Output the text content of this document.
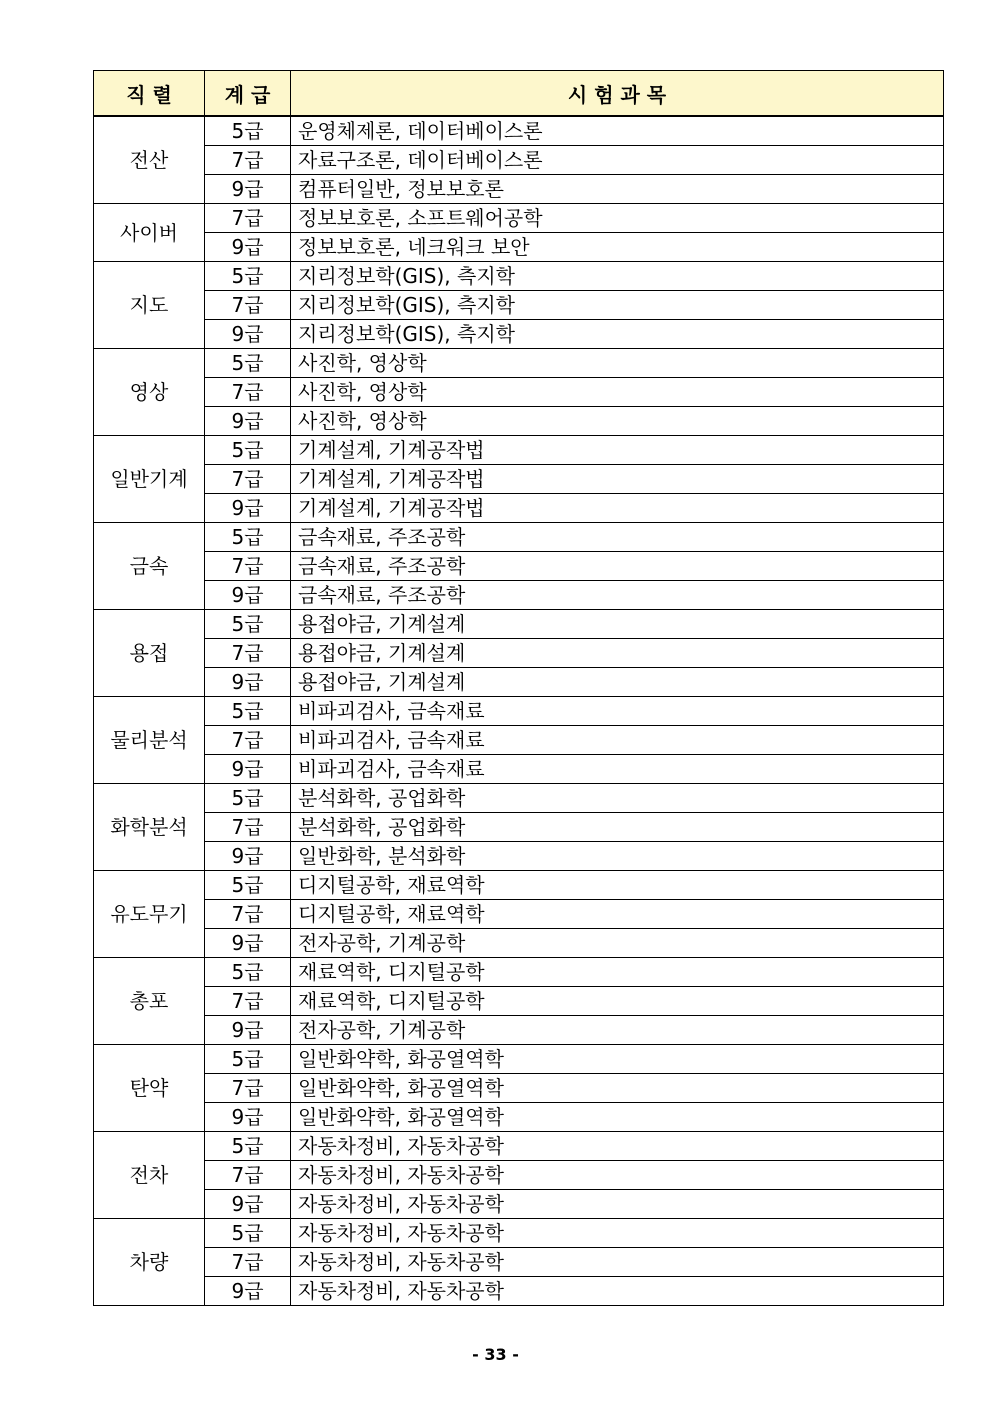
직 렬	계 급	시 험 과 목
전산	5급	운영체제론, 데이터베이스론
	7급	자료구조론, 데이터베이스론
	9급	컴퓨터일반, 정보보호론
사이버	7급	정보보호론, 소프트웨어공학
	9급	정보보호론, 네크워크 보안
지도	5급	지리정보학(GIS), 측지학
	7급	지리정보학(GIS), 측지학
	9급	지리정보학(GIS), 측지학
영상	5급	사진학, 영상학
	7급	사진학, 영상학
	9급	사진학, 영상학
일반기계	5급	기계설계, 기계공작법
	7급	기계설계, 기계공작법
	9급	기계설계, 기계공작법
금속	5급	금속재료, 주조공학
	7급	금속재료, 주조공학
	9급	금속재료, 주조공학
용접	5급	용접야금, 기계설계
	7급	용접야금, 기계설계
	9급	용접야금, 기계설계
물리분석	5급	비파괴검사, 금속재료
	7급	비파괴검사, 금속재료
	9급	비파괴검사, 금속재료
화학분석	5급	분석화학, 공업화학
	7급	분석화학, 공업화학
	9급	일반화학, 분석화학
유도무기	5급	디지털공학, 재료역학
	7급	디지털공학, 재료역학
	9급	전자공학, 기계공학
총포	5급	재료역학, 디지털공학
	7급	재료역학, 디지털공학
	9급	전자공학, 기계공학
탄약	5급	일반화약학, 화공열역학
	7급	일반화약학, 화공열역학
	9급	일반화약학, 화공열역학
전차	5급	자동차정비, 자동차공학
	7급	자동차정비, 자동차공학
	9급	자동차정비, 자동차공학
차량	5급	자동차정비, 자동차공학
	7급	자동차정비, 자동차공학
	9급	자동차정비, 자동차공학
- 33 -
